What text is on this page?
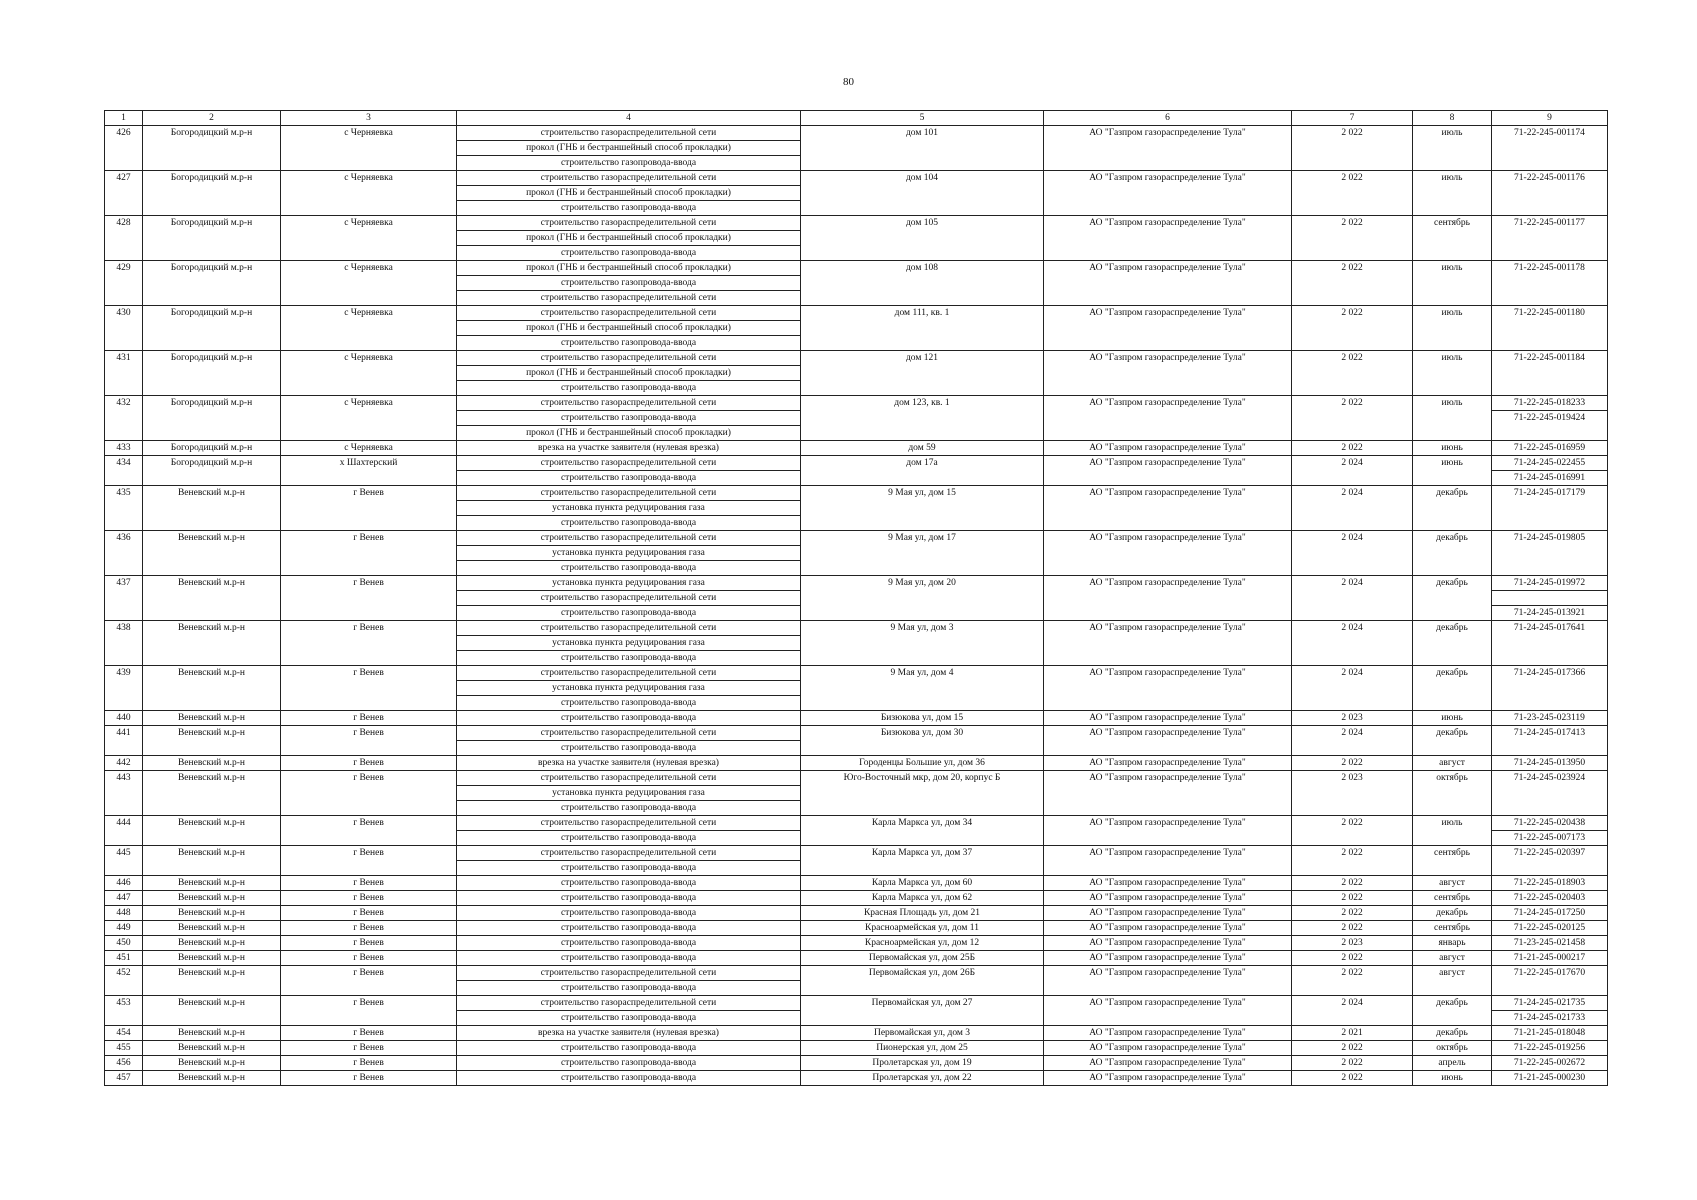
80
1	2	3	4	5	6	7	8	9
426	Богородицкий м.р-н	с Черняевка	строительство газораспределительной сети	дом 101	АО "Газпром газораспределение Тула"	2 022	июль	71-22-245-001174
			прокол (ГНБ и бестраншейный способ прокладки)					
			строительство газопровода-ввода					
427	Богородицкий м.р-н	с Черняевка	строительство газораспределительной сети	дом 104	АО "Газпром газораспределение Тула"	2 022	июль	71-22-245-001176
			прокол (ГНБ и бестраншейный способ прокладки)					
			строительство газопровода-ввода					
428	Богородицкий м.р-н	с Черняевка	строительство газораспределительной сети	дом 105	АО "Газпром газораспределение Тула"	2 022	сентябрь	71-22-245-001177
			прокол (ГНБ и бестраншейный способ прокладки)					
			строительство газопровода-ввода					
429	Богородицкий м.р-н	с Черняевка	прокол (ГНБ и бестраншейный способ прокладки)	дом 108	АО "Газпром газораспределение Тула"	2 022	июль	71-22-245-001178
			строительство газопровода-ввода					
			строительство газораспределительной сети					
430	Богородицкий м.р-н	с Черняевка	строительство газораспределительной сети	дом 111, кв. 1	АО "Газпром газораспределение Тула"	2 022	июль	71-22-245-001180
			прокол (ГНБ и бестраншейный способ прокладки)					
			строительство газопровода-ввода					
431	Богородицкий м.р-н	с Черняевка	строительство газораспределительной сети	дом 121	АО "Газпром газораспределение Тула"	2 022	июль	71-22-245-001184
			прокол (ГНБ и бестраншейный способ прокладки)					
			строительство газопровода-ввода					
432	Богородицкий м.р-н	с Черняевка	строительство газораспределительной сети	дом 123, кв. 1	АО "Газпром газораспределение Тула"	2 022	июль	71-22-245-018233
			строительство газопровода-ввода					71-22-245-019424
			прокол (ГНБ и бестраншейный способ прокладки)					
433	Богородицкий м.р-н	с Черняевка	врезка на участке заявителя (нулевая врезка)	дом 59	АО "Газпром газораспределение Тула"	2 022	июнь	71-22-245-016959
434	Богородицкий м.р-н	х Шахтерский	строительство газораспределительной сети	дом 17а	АО "Газпром газораспределение Тула"	2 024	июнь	71-24-245-022455
			строительство газопровода-ввода					71-24-245-016991
435	Веневский м.р-н	г Венев	строительство газораспределительной сети	9 Мая ул, дом 15	АО "Газпром газораспределение Тула"	2 024	декабрь	71-24-245-017179
			установка пункта редуцирования газа					
			строительство газопровода-ввода					
436	Веневский м.р-н	г Венев	строительство газораспределительной сети	9 Мая ул, дом 17	АО "Газпром газораспределение Тула"	2 024	декабрь	71-24-245-019805
			установка пункта редуцирования газа					
			строительство газопровода-ввода					
437	Веневский м.р-н	г Венев	установка пункта редуцирования газа	9 Мая ул, дом 20	АО "Газпром газораспределение Тула"	2 024	декабрь	71-24-245-019972
			строительство газораспределительной сети					
			строительство газопровода-ввода					71-24-245-013921
438	Веневский м.р-н	г Венев	строительство газораспределительной сети	9 Мая ул, дом 3	АО "Газпром газораспределение Тула"	2 024	декабрь	71-24-245-017641
			установка пункта редуцирования газа					
			строительство газопровода-ввода					
439	Веневский м.р-н	г Венев	строительство газораспределительной сети	9 Мая ул, дом 4	АО "Газпром газораспределение Тула"	2 024	декабрь	71-24-245-017366
			установка пункта редуцирования газа					
			строительство газопровода-ввода					
440	Веневский м.р-н	г Венев	строительство газопровода-ввода	Бизюкова ул, дом 15	АО "Газпром газораспределение Тула"	2 023	июнь	71-23-245-023119
441	Веневский м.р-н	г Венев	строительство газораспределительной сети	Бизюкова ул, дом 30	АО "Газпром газораспределение Тула"	2 024	декабрь	71-24-245-017413
			строительство газопровода-ввода					
442	Веневский м.р-н	г Венев	врезка на участке заявителя (нулевая врезка)	Городенцы Большие ул, дом 36	АО "Газпром газораспределение Тула"	2 022	август	71-24-245-013950
443	Веневский м.р-н	г Венев	строительство газораспределительной сети	Юго-Восточный мкр, дом 20, корпус Б	АО "Газпром газораспределение Тула"	2 023	октябрь	71-24-245-023924
			установка пункта редуцирования газа					
			строительство газопровода-ввода					
444	Веневский м.р-н	г Венев	строительство газораспределительной сети	Карла Маркса ул, дом 34	АО "Газпром газораспределение Тула"	2 022	июль	71-22-245-020438
			строительство газопровода-ввода					71-22-245-007173
445	Веневский м.р-н	г Венев	строительство газораспределительной сети	Карла Маркса ул, дом 37	АО "Газпром газораспределение Тула"	2 022	сентябрь	71-22-245-020397
			строительство газопровода-ввода					
446	Веневский м.р-н	г Венев	строительство газопровода-ввода	Карла Маркса ул, дом 60	АО "Газпром газораспределение Тула"	2 022	август	71-22-245-018903
447	Веневский м.р-н	г Венев	строительство газопровода-ввода	Карла Маркса ул, дом 62	АО "Газпром газораспределение Тула"	2 022	сентябрь	71-22-245-020403
448	Веневский м.р-н	г Венев	строительство газопровода-ввода	Красная Площадь ул, дом 21	АО "Газпром газораспределение Тула"	2 022	декабрь	71-24-245-017250
449	Веневский м.р-н	г Венев	строительство газопровода-ввода	Красноармейская ул, дом 11	АО "Газпром газораспределение Тула"	2 022	сентябрь	71-22-245-020125
450	Веневский м.р-н	г Венев	строительство газопровода-ввода	Красноармейская ул, дом 12	АО "Газпром газораспределение Тула"	2 023	январь	71-23-245-021458
451	Веневский м.р-н	г Венев	строительство газопровода-ввода	Первомайская ул, дом 25Б	АО "Газпром газораспределение Тула"	2 022	август	71-21-245-000217
452	Веневский м.р-н	г Венев	строительство газораспределительной сети	Первомайская ул, дом 26Б	АО "Газпром газораспределение Тула"	2 022	август	71-22-245-017670
			строительство газопровода-ввода					
453	Веневский м.р-н	г Венев	строительство газораспределительной сети	Первомайская ул, дом 27	АО "Газпром газораспределение Тула"	2 024	декабрь	71-24-245-021735
			строительство газопровода-ввода					71-24-245-021733
454	Веневский м.р-н	г Венев	врезка на участке заявителя (нулевая врезка)	Первомайская ул, дом 3	АО "Газпром газораспределение Тула"	2 021	декабрь	71-21-245-018048
455	Веневский м.р-н	г Венев	строительство газопровода-ввода	Пионерская ул, дом 25	АО "Газпром газораспределение Тула"	2 022	октябрь	71-22-245-019256
456	Веневский м.р-н	г Венев	строительство газопровода-ввода	Пролетарская ул, дом 19	АО "Газпром газораспределение Тула"	2 022	апрель	71-22-245-002672
457	Веневский м.р-н	г Венев	строительство газопровода-ввода	Пролетарская ул, дом 22	АО "Газпром газораспределение Тула"	2 022	июнь	71-21-245-000230
